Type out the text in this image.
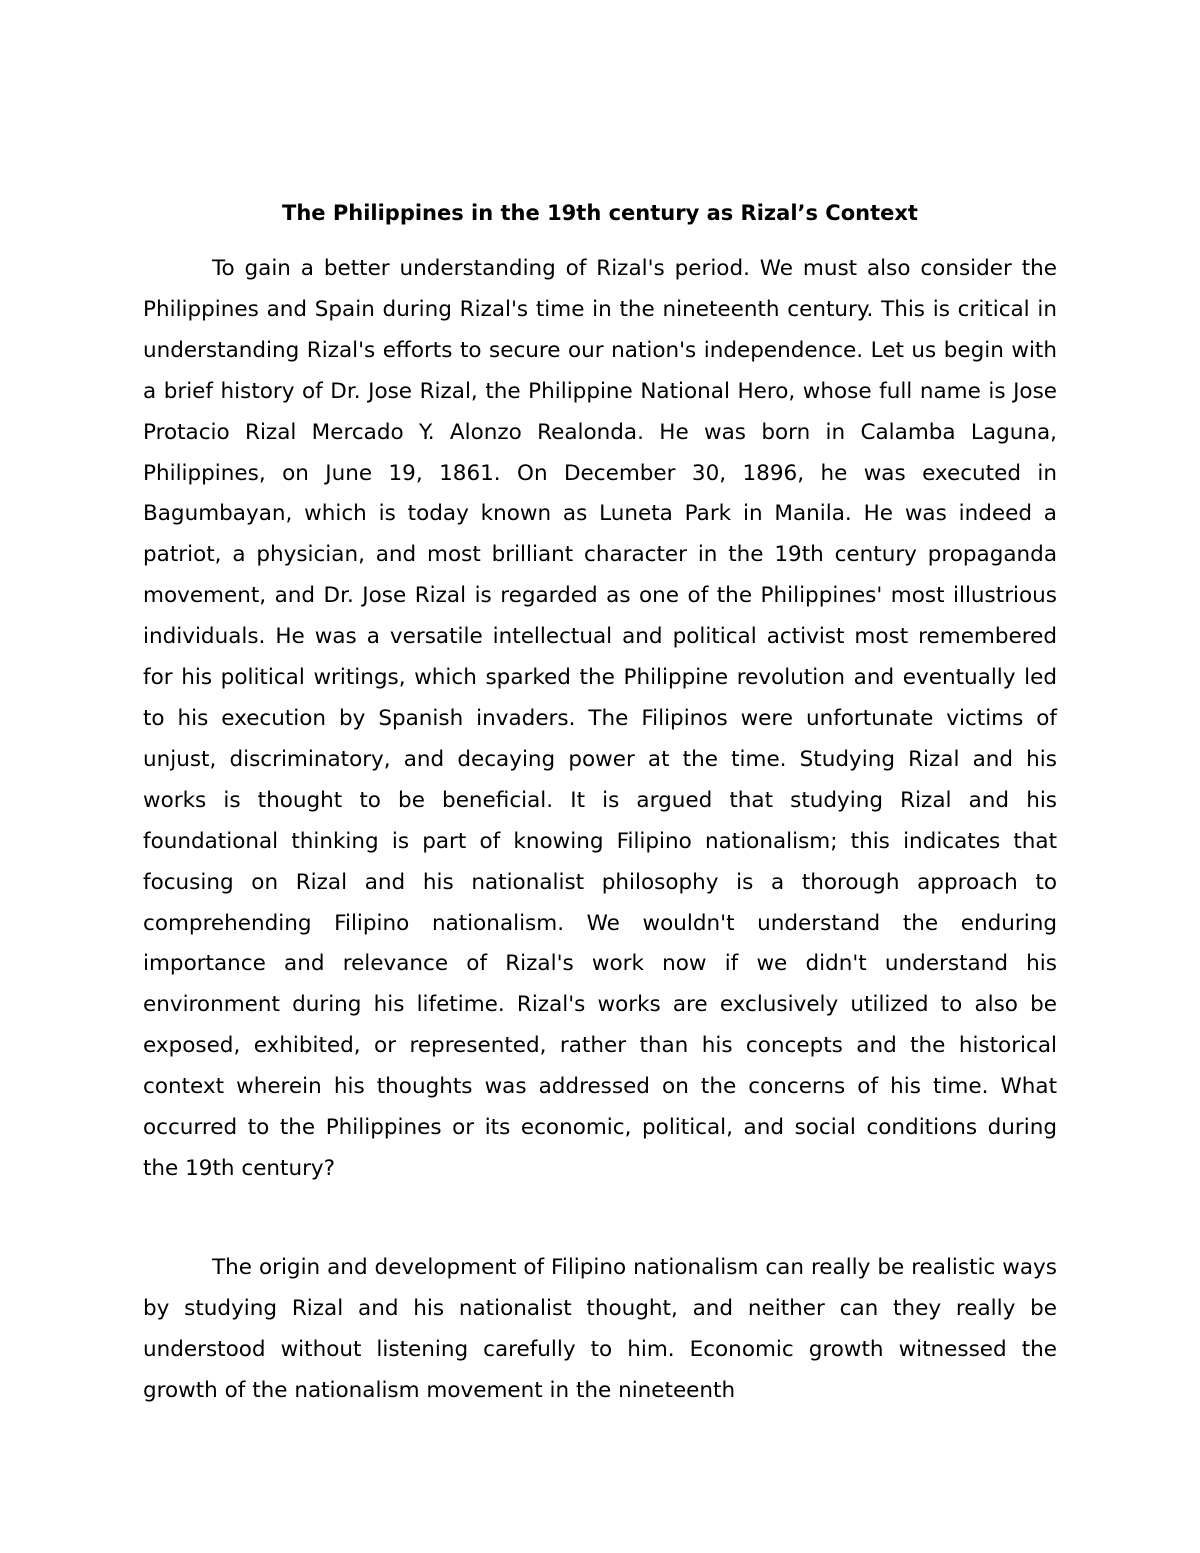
The Philippines in the 19th century as Rizal’s Context

To gain a better understanding of Rizal's period. We must also consider the Philippines and Spain during Rizal's time in the nineteenth century. This is critical in understanding Rizal's efforts to secure our nation's independence. Let us begin with a brief history of Dr. Jose Rizal, the Philippine National Hero, whose full name is Jose Protacio Rizal Mercado Y. Alonzo Realonda. He was born in Calamba Laguna, Philippines, on June 19, 1861. On December 30, 1896, he was executed in Bagumbayan, which is today known as Luneta Park in Manila. He was indeed a patriot, a physician, and most brilliant character in the 19th century propaganda movement, and Dr. Jose Rizal is regarded as one of the Philippines' most illustrious individuals. He was a versatile intellectual and political activist most remembered for his political writings, which sparked the Philippine revolution and eventually led to his execution by Spanish invaders. The Filipinos were unfortunate victims of unjust, discriminatory, and decaying power at the time. Studying Rizal and his works is thought to be beneficial. It is argued that studying Rizal and his foundational thinking is part of knowing Filipino nationalism; this indicates that focusing on Rizal and his nationalist philosophy is a thorough approach to comprehending Filipino nationalism. We wouldn't understand the enduring importance and relevance of Rizal's work now if we didn't understand his environment during his lifetime. Rizal's works are exclusively utilized to also be exposed, exhibited, or represented, rather than his concepts and the historical context wherein his thoughts was addressed on the concerns of his time. What occurred to the Philippines or its economic, political, and social conditions during the 19th century?

The origin and development of Filipino nationalism can really be realistic ways by studying Rizal and his nationalist thought, and neither can they really be understood without listening carefully to him. Economic growth witnessed the growth of the nationalism movement in the nineteenth
